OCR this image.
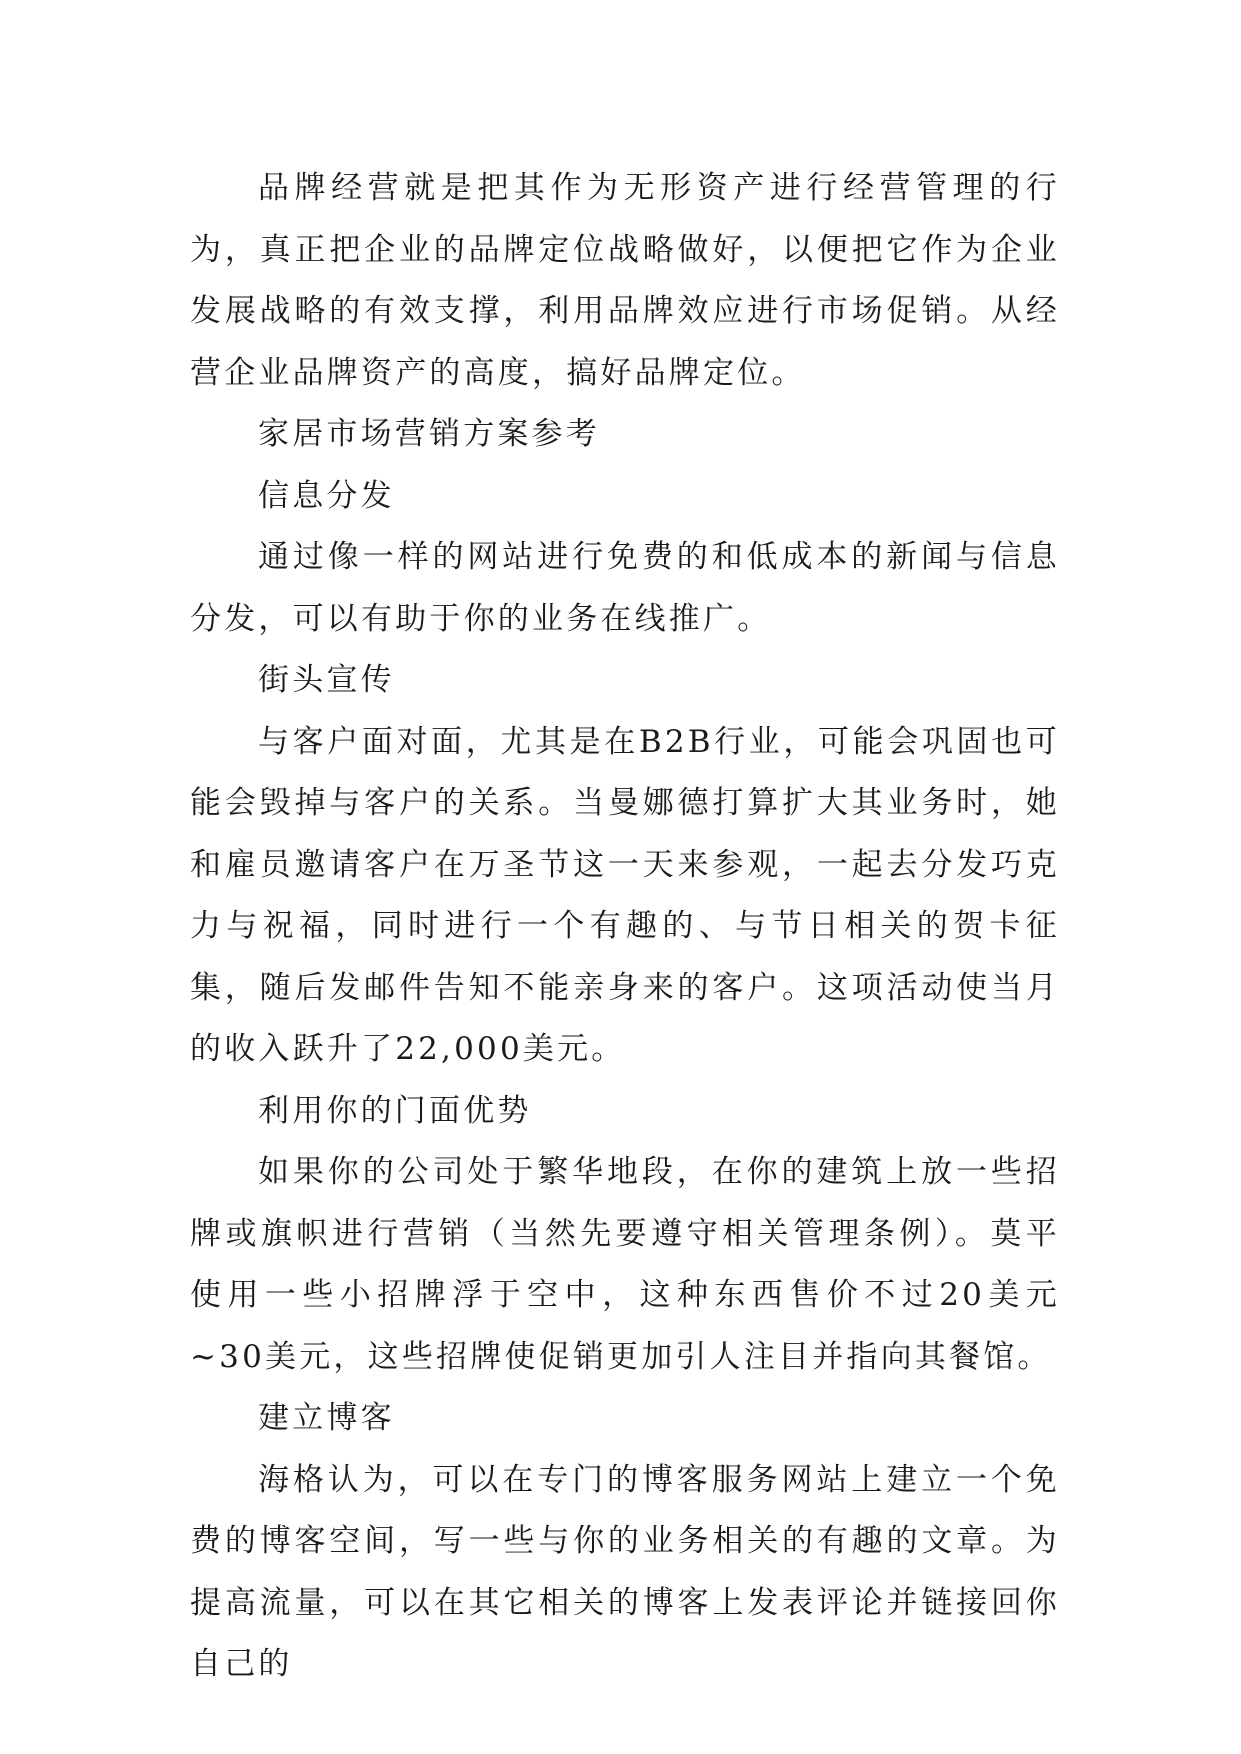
品牌经营就是把其作为无形资产进行经营管理的行为，真正把企业的品牌定位战略做好，以便把它作为企业发展战略的有效支撑，利用品牌效应进行市场促销。从经营企业品牌资产的高度，搞好品牌定位。

家居市场营销方案参考

信息分发

通过像一样的网站进行免费的和低成本的新闻与信息分发，可以有助于你的业务在线推广。

街头宣传

与客户面对面，尤其是在B2B行业，可能会巩固也可能会毁掉与客户的关系。当曼娜德打算扩大其业务时，她和雇员邀请客户在万圣节这一天来参观，一起去分发巧克力与祝福，同时进行一个有趣的、与节日相关的贺卡征集，随后发邮件告知不能亲身来的客户。这项活动使当月的收入跃升了22,000美元。

利用你的门面优势

如果你的公司处于繁华地段，在你的建筑上放一些招牌或旗帜进行营销（当然先要遵守相关管理条例）。莫平使用一些小招牌浮于空中，这种东西售价不过20美元~30美元，这些招牌使促销更加引人注目并指向其餐馆。

建立博客

海格认为，可以在专门的博客服务网站上建立一个免费的博客空间，写一些与你的业务相关的有趣的文章。为提高流量，可以在其它相关的博客上发表评论并链接回你自己的
